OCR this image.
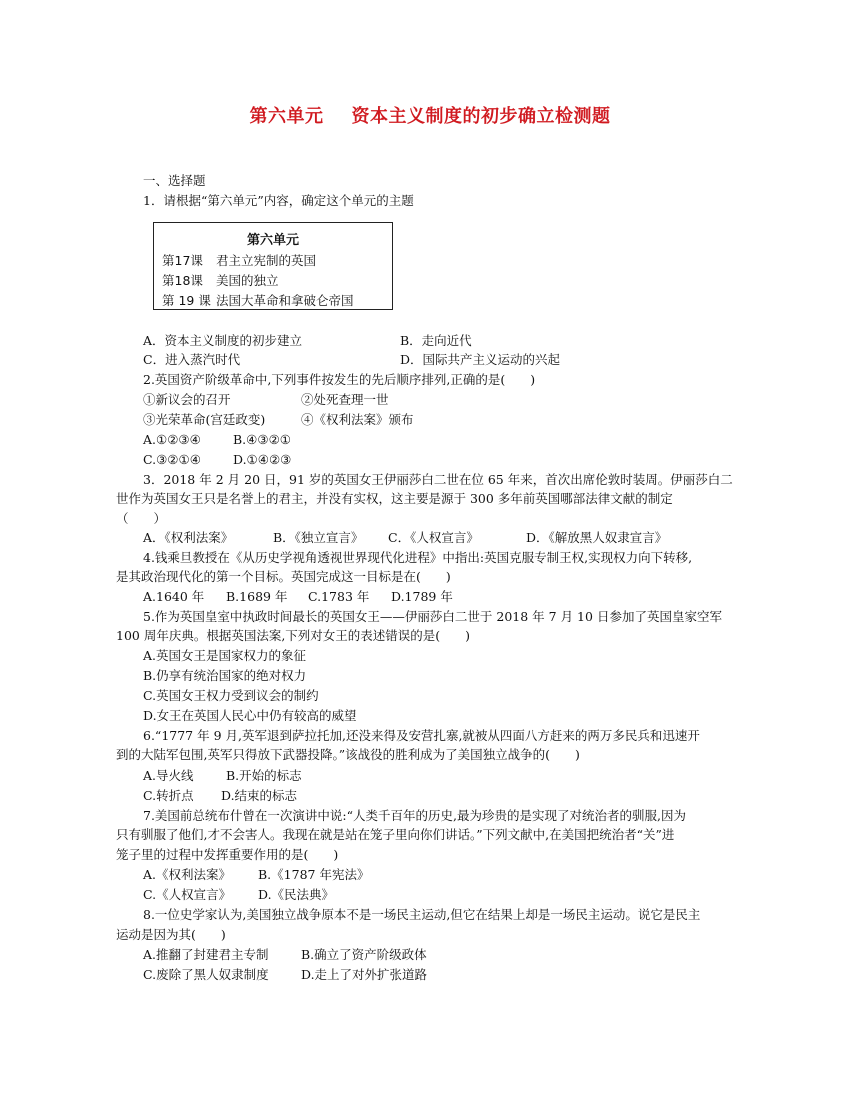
第六单元 资本主义制度的初步确立检测题
一、选择题
1．请根据“第六单元”内容，确定这个单元的主题
第六单元
第17课 君主立宪制的英国
第18课 美国的独立
第 19 课 法国大革命和拿破仑帝国
A．资本主义制度的初步建立	B．走向近代
C．进入蒸汽时代	D．国际共产主义运动的兴起
2.英国资产阶级革命中,下列事件按发生的先后顺序排列,正确的是(　　)
①新议会的召开	②处死查理一世
③光荣革命(宫廷政变)	④《权利法案》颁布
A.①②③④	B.④③②①
C.③②①④	D.①④②③
3．2018 年 2 月 20 日，91 岁的英国女王伊丽莎白二世在位 65 年来，首次出席伦敦时装周。伊丽莎白二
世作为英国女王只是名誉上的君主，并没有实权，这主要是源于 300 多年前英国哪部法律文献的制定
（　　）
A．《权利法案》	B．《独立宣言》 C．《人权宣言》	D．《解放黑人奴隶宣言》
4.钱乘旦教授在《从历史学视角透视世界现代化进程》中指出:英国克服专制王权,实现权力向下转移,
是其政治现代化的第一个目标。英国完成这一目标是在(　　)
A.1640 年 B.1689 年 C.1783 年 D.1789 年
5.作为英国皇室中执政时间最长的英国女王——伊丽莎白二世于 2018 年 7 月 10 日参加了英国皇家空军
100 周年庆典。根据英国法案,下列对女王的表述错误的是(　　)
A.英国女王是国家权力的象征
B.仍享有统治国家的绝对权力
C.英国女王权力受到议会的制约
D.女王在英国人民心中仍有较高的威望
6.“1777 年 9 月,英军退到萨拉托加,还没来得及安营扎寨,就被从四面八方赶来的两万多民兵和迅速开
到的大陆军包围,英军只得放下武器投降。”该战役的胜利成为了美国独立战争的(　　)
A.导火线	B.开始的标志
C.转折点 D.结束的标志
7.美国前总统布什曾在一次演讲中说:“人类千百年的历史,最为珍贵的是实现了对统治者的驯服,因为
只有驯服了他们,才不会害人。我现在就是站在笼子里向你们讲话。”下列文献中,在美国把统治者“关”进
笼子里的过程中发挥重要作用的是(　　)
A.《权利法案》 B.《1787 年宪法》
C.《人权宣言》 D.《民法典》
8.一位史学家认为,美国独立战争原本不是一场民主运动,但它在结果上却是一场民主运动。说它是民主
运动是因为其(　　)
A.推翻了封建君主专制	B.确立了资产阶级政体
C.废除了黑人奴隶制度	D.走上了对外扩张道路
